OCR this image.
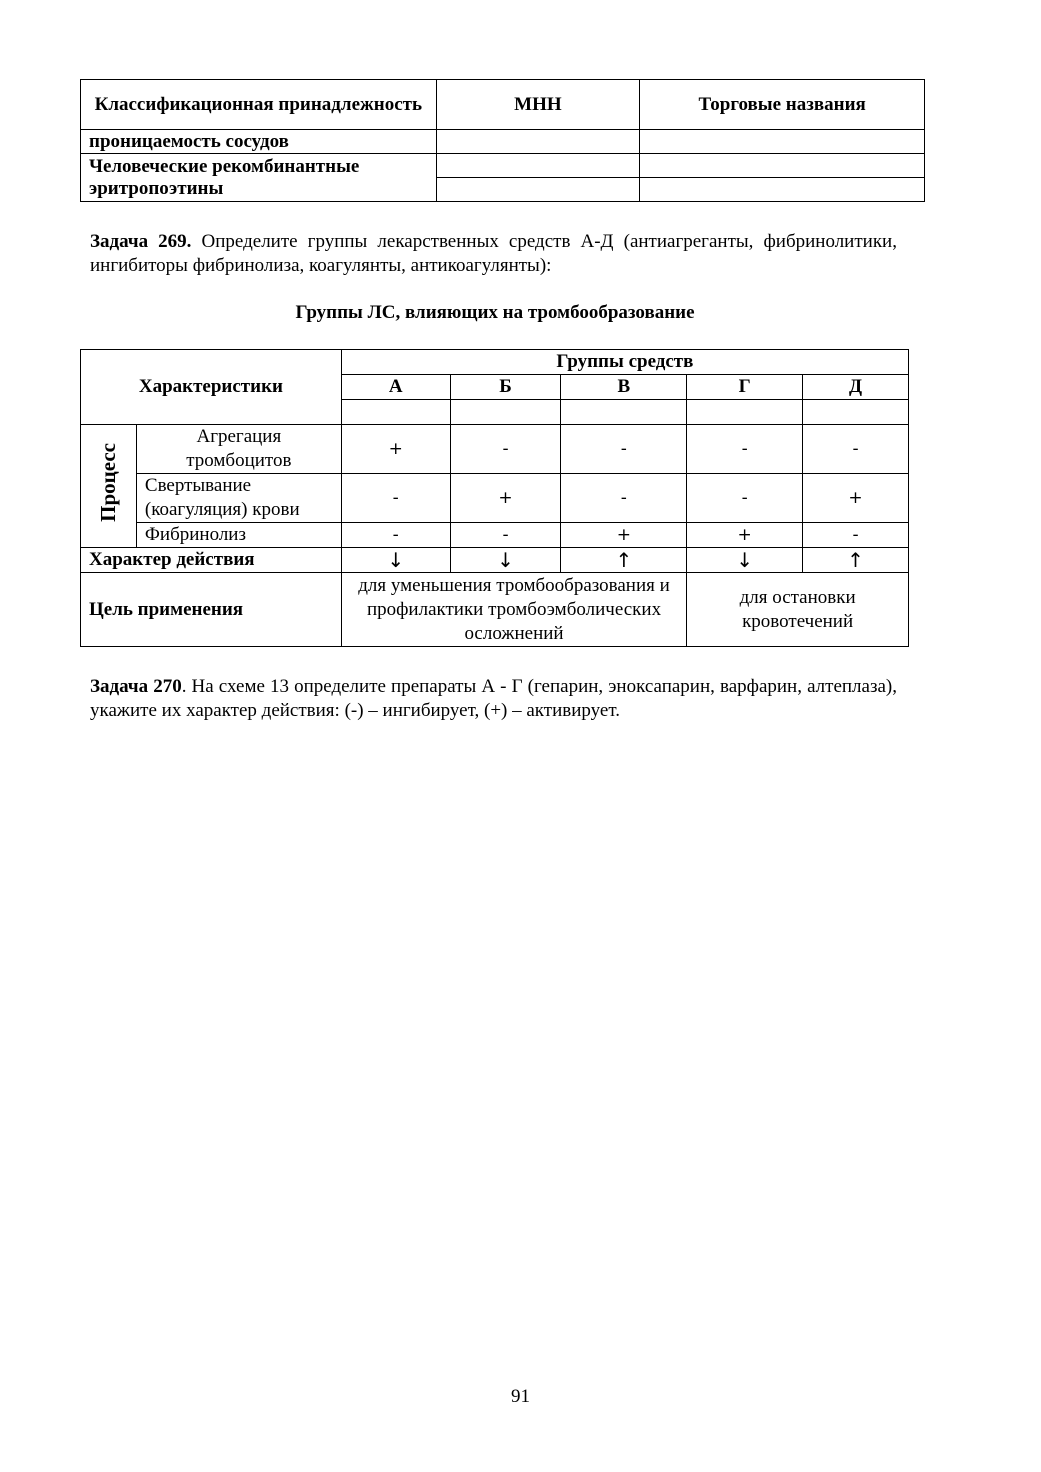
Классификационная принадлежность	МНН	Торговые названия
проницаемость сосудов		
Человеческие рекомбинантные эритропоэтины		

Задача 269. Определите группы лекарственных средств А-Д (антиагреганты, фибринолитики, ингибиторы фибринолиза, коагулянты, антикоагулянты):
Группы ЛС, влияющих на тромбообразование
Характеристики		Группы средств				
		А	Б	В	Г	Д

Процесс	Агрегация тромбоцитов	+	-	-	-	-
	Свертывание (коагуляция) крови	-	+	-	-	+
	Фибринолиз	-	-	+	+	-
Характер действия		↓	↓	↑	↓	↑
Цель применения		для уменьшения тромбообразования и профилактики тромбоэмболических осложнений			для остановки кровотечений	
Задача 270. На схеме 13 определите препараты А - Г (гепарин, эноксапарин, варфарин, алтеплаза), укажите их характер действия: (-) – ингибирует, (+) – активирует.
91
